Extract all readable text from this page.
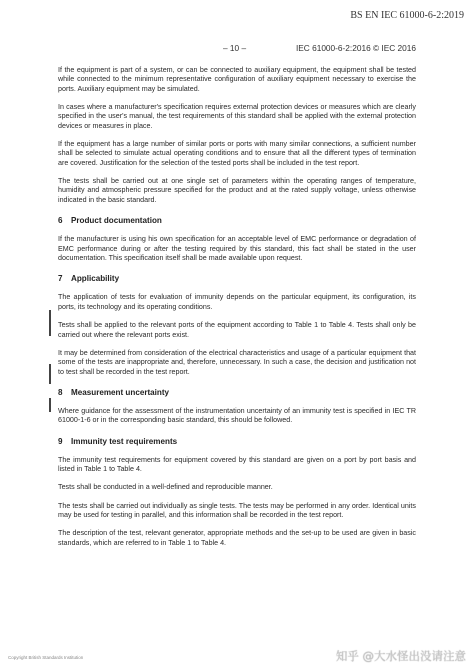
BS EN IEC 61000-6-2:2019
– 10 –	IEC 61000-6-2:2016 © IEC 2016

If the equipment is part of a system, or can be connected to auxiliary equipment, the equipment shall be tested while connected to the minimum representative configuration of auxiliary equipment necessary to exercise the ports. Auxiliary equipment may be simulated.

In cases where a manufacturer's specification requires external protection devices or measures which are clearly specified in the user's manual, the test requirements of this standard shall be applied with the external protection devices or measures in place.

If the equipment has a large number of similar ports or ports with many similar connections, a sufficient number shall be selected to simulate actual operating conditions and to ensure that all the different types of termination are covered. Justification for the selection of the tested ports shall be included in the test report.

The tests shall be carried out at one single set of parameters within the operating ranges of temperature, humidity and atmospheric pressure specified for the product and at the rated supply voltage, unless otherwise indicated in the basic standard.

6	Product documentation

If the manufacturer is using his own specification for an acceptable level of EMC performance or degradation of EMC performance during or after the testing required by this standard, this fact shall be stated in the user documentation. This specification itself shall be made available upon request.

7	Applicability

The application of tests for evaluation of immunity depends on the particular equipment, its configuration, its ports, its technology and its operating conditions.

Tests shall be applied to the relevant ports of the equipment according to Table 1 to Table 4. Tests shall only be carried out where the relevant ports exist.

It may be determined from consideration of the electrical characteristics and usage of a particular equipment that some of the tests are inappropriate and, therefore, unnecessary. In such a case, the decision and justification not to test shall be recorded in the test report.

8	Measurement uncertainty

Where guidance for the assessment of the instrumentation uncertainty of an immunity test is specified in IEC TR 61000-1-6 or in the corresponding basic standard, this should be followed.

9	Immunity test requirements

The immunity test requirements for equipment covered by this standard are given on a port by port basis and listed in Table 1 to Table 4.

Tests shall be conducted in a well-defined and reproducible manner.

The tests shall be carried out individually as single tests. The tests may be performed in any order. Identical units may be used for testing in parallel, and this information shall be recorded in the test report.

The description of the test, relevant generator, appropriate methods and the set-up to be used are given in basic standards, which are referred to in Table 1 to Table 4.

Copyright British Standards Institution	知乎 @大水怪出没请注意
